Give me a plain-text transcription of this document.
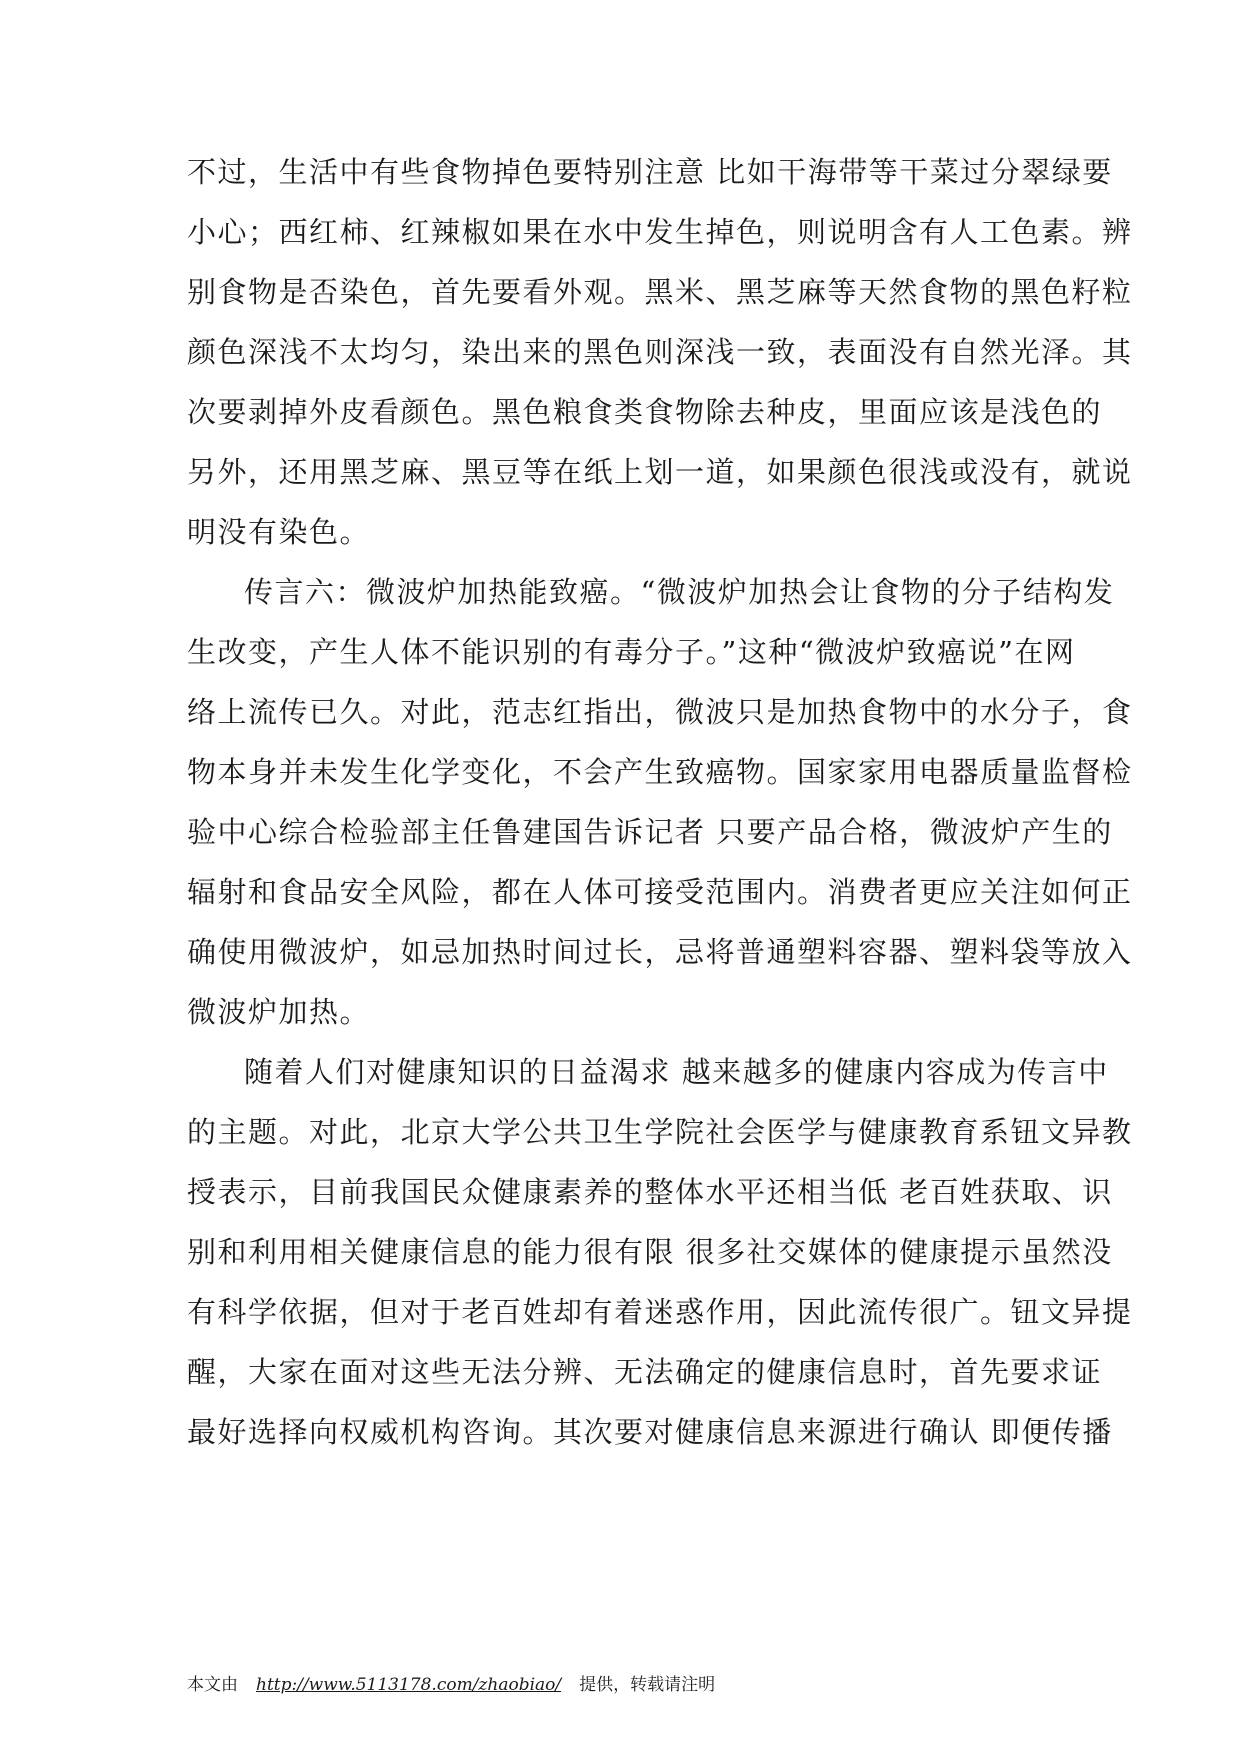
不过，生活中有些食物掉色要特别注意 比如干海带等干菜过分翠绿要
小心；西红柿、红辣椒如果在水中发生掉色，则说明含有人工色素。辨
别食物是否染色，首先要看外观。黑米、黑芝麻等天然食物的黑色籽粒
颜色深浅不太均匀，染出来的黑色则深浅一致，表面没有自然光泽。其
次要剥掉外皮看颜色。黑色粮食类食物除去种皮，里面应该是浅色的
另外，还用黑芝麻、黑豆等在纸上划一道，如果颜色很浅或没有，就说
明没有染色。
传言六：微波炉加热能致癌。“微波炉加热会让食物的分子结构发
生改变，产生人体不能识别的有毒分子。”这种“微波炉致癌说”在网
络上流传已久。对此，范志红指出，微波只是加热食物中的水分子，食
物本身并未发生化学变化，不会产生致癌物。国家家用电器质量监督检
验中心综合检验部主任鲁建国告诉记者 只要产品合格，微波炉产生的
辐射和食品安全风险，都在人体可接受范围内。消费者更应关注如何正
确使用微波炉，如忌加热时间过长，忌将普通塑料容器、塑料袋等放入
微波炉加热。
随着人们对健康知识的日益渴求 越来越多的健康内容成为传言中
的主题。对此，北京大学公共卫生学院社会医学与健康教育系钮文异教
授表示，目前我国民众健康素养的整体水平还相当低 老百姓获取、识
别和利用相关健康信息的能力很有限 很多社交媒体的健康提示虽然没
有科学依据，但对于老百姓却有着迷惑作用，因此流传很广。钮文异提
醒，大家在面对这些无法分辨、无法确定的健康信息时，首先要求证
最好选择向权威机构咨询。其次要对健康信息来源进行确认 即便传播
本文由 http://www.5113178.com/zhaobiao/ 提供，转载请注明
